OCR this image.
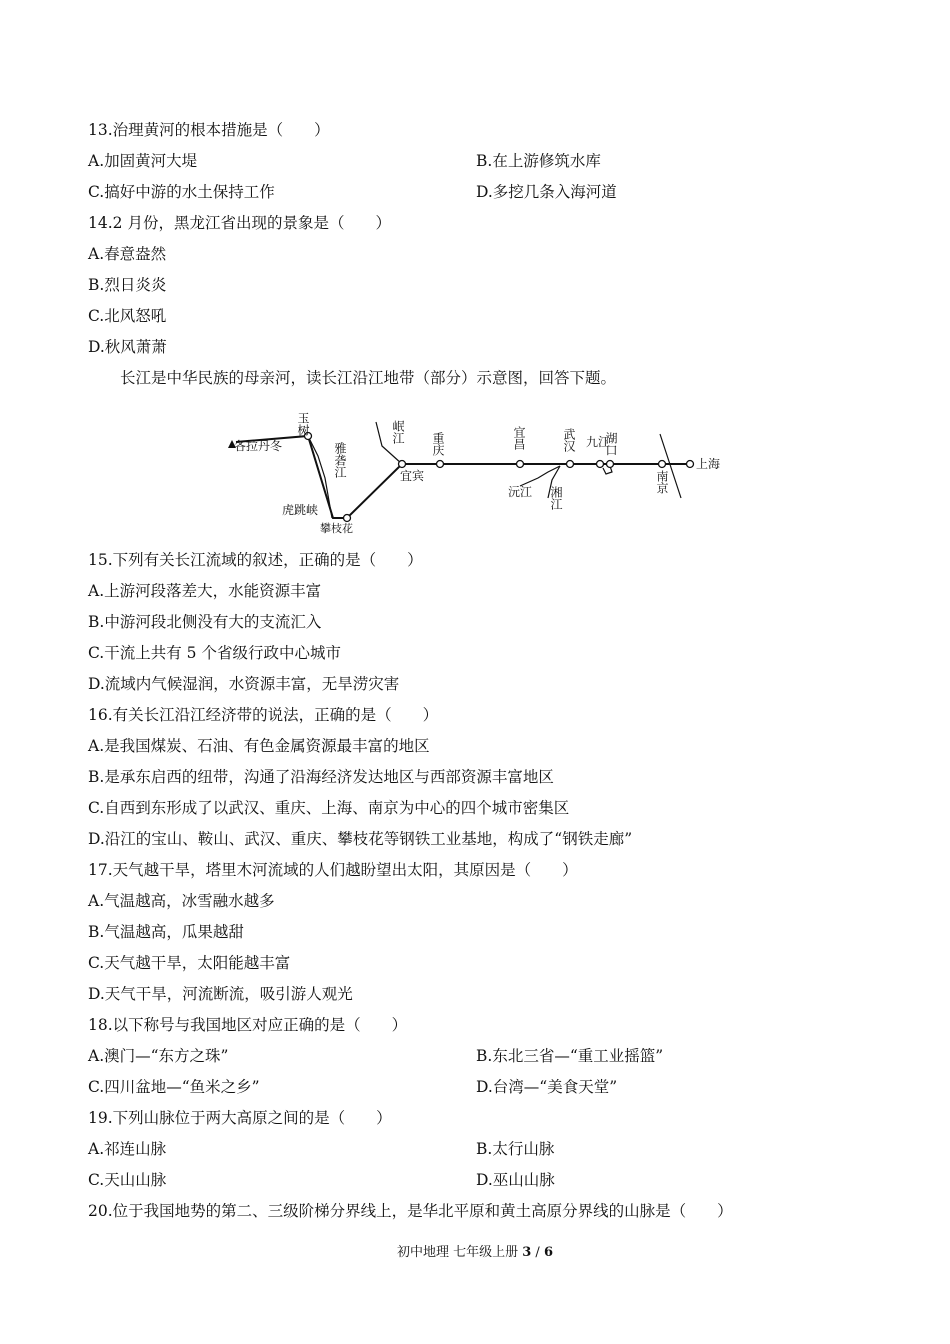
13.治理黄河的根本措施是（　　）
A.加固黄河大堤	B.在上游修筑水库
C.搞好中游的水土保持工作	D.多挖几条入海河道
14.2 月份，黑龙江省出现的景象是（　　）
A.春意盎然
B.烈日炎炎
C.北风怒吼
D.秋风萧萧
长江是中华民族的母亲河，读长江沿江地带（部分）示意图，回答下题。
各拉丹冬
玉树
雅砻江
虎跳峡
攀枝花
岷江
宜宾
重庆	宜昌	武汉 九江
湖口
沅江 湘江
南京
上海
15.下列有关长江流域的叙述，正确的是（　　）
A.上游河段落差大，水能资源丰富
B.中游河段北侧没有大的支流汇入
C.干流上共有 5 个省级行政中心城市
D.流域内气候湿润，水资源丰富，无旱涝灾害
16.有关长江沿江经济带的说法，正确的是（　　）
A.是我国煤炭、石油、有色金属资源最丰富的地区
B.是承东启西的纽带，沟通了沿海经济发达地区与西部资源丰富地区
C.自西到东形成了以武汉、重庆、上海、南京为中心的四个城市密集区
D.沿江的宝山、鞍山、武汉、重庆、攀枝花等钢铁工业基地，构成了“钢铁走廊”
17.天气越干旱，塔里木河流域的人们越盼望出太阳，其原因是（　　）
A.气温越高，冰雪融水越多
B.气温越高，瓜果越甜
C.天气越干旱，太阳能越丰富
D.天气干旱，河流断流，吸引游人观光
18.以下称号与我国地区对应正确的是（　　）
A.澳门—“东方之珠”	B.东北三省—“重工业摇篮”
C.四川盆地—“鱼米之乡”	D.台湾—“美食天堂”
19.下列山脉位于两大高原之间的是（　　）
A.祁连山脉	B.太行山脉
C.天山山脉	D.巫山山脉
20.位于我国地势的第二、三级阶梯分界线上，是华北平原和黄土高原分界线的山脉是（　　）
初中地理 七年级上册 3 / 6
